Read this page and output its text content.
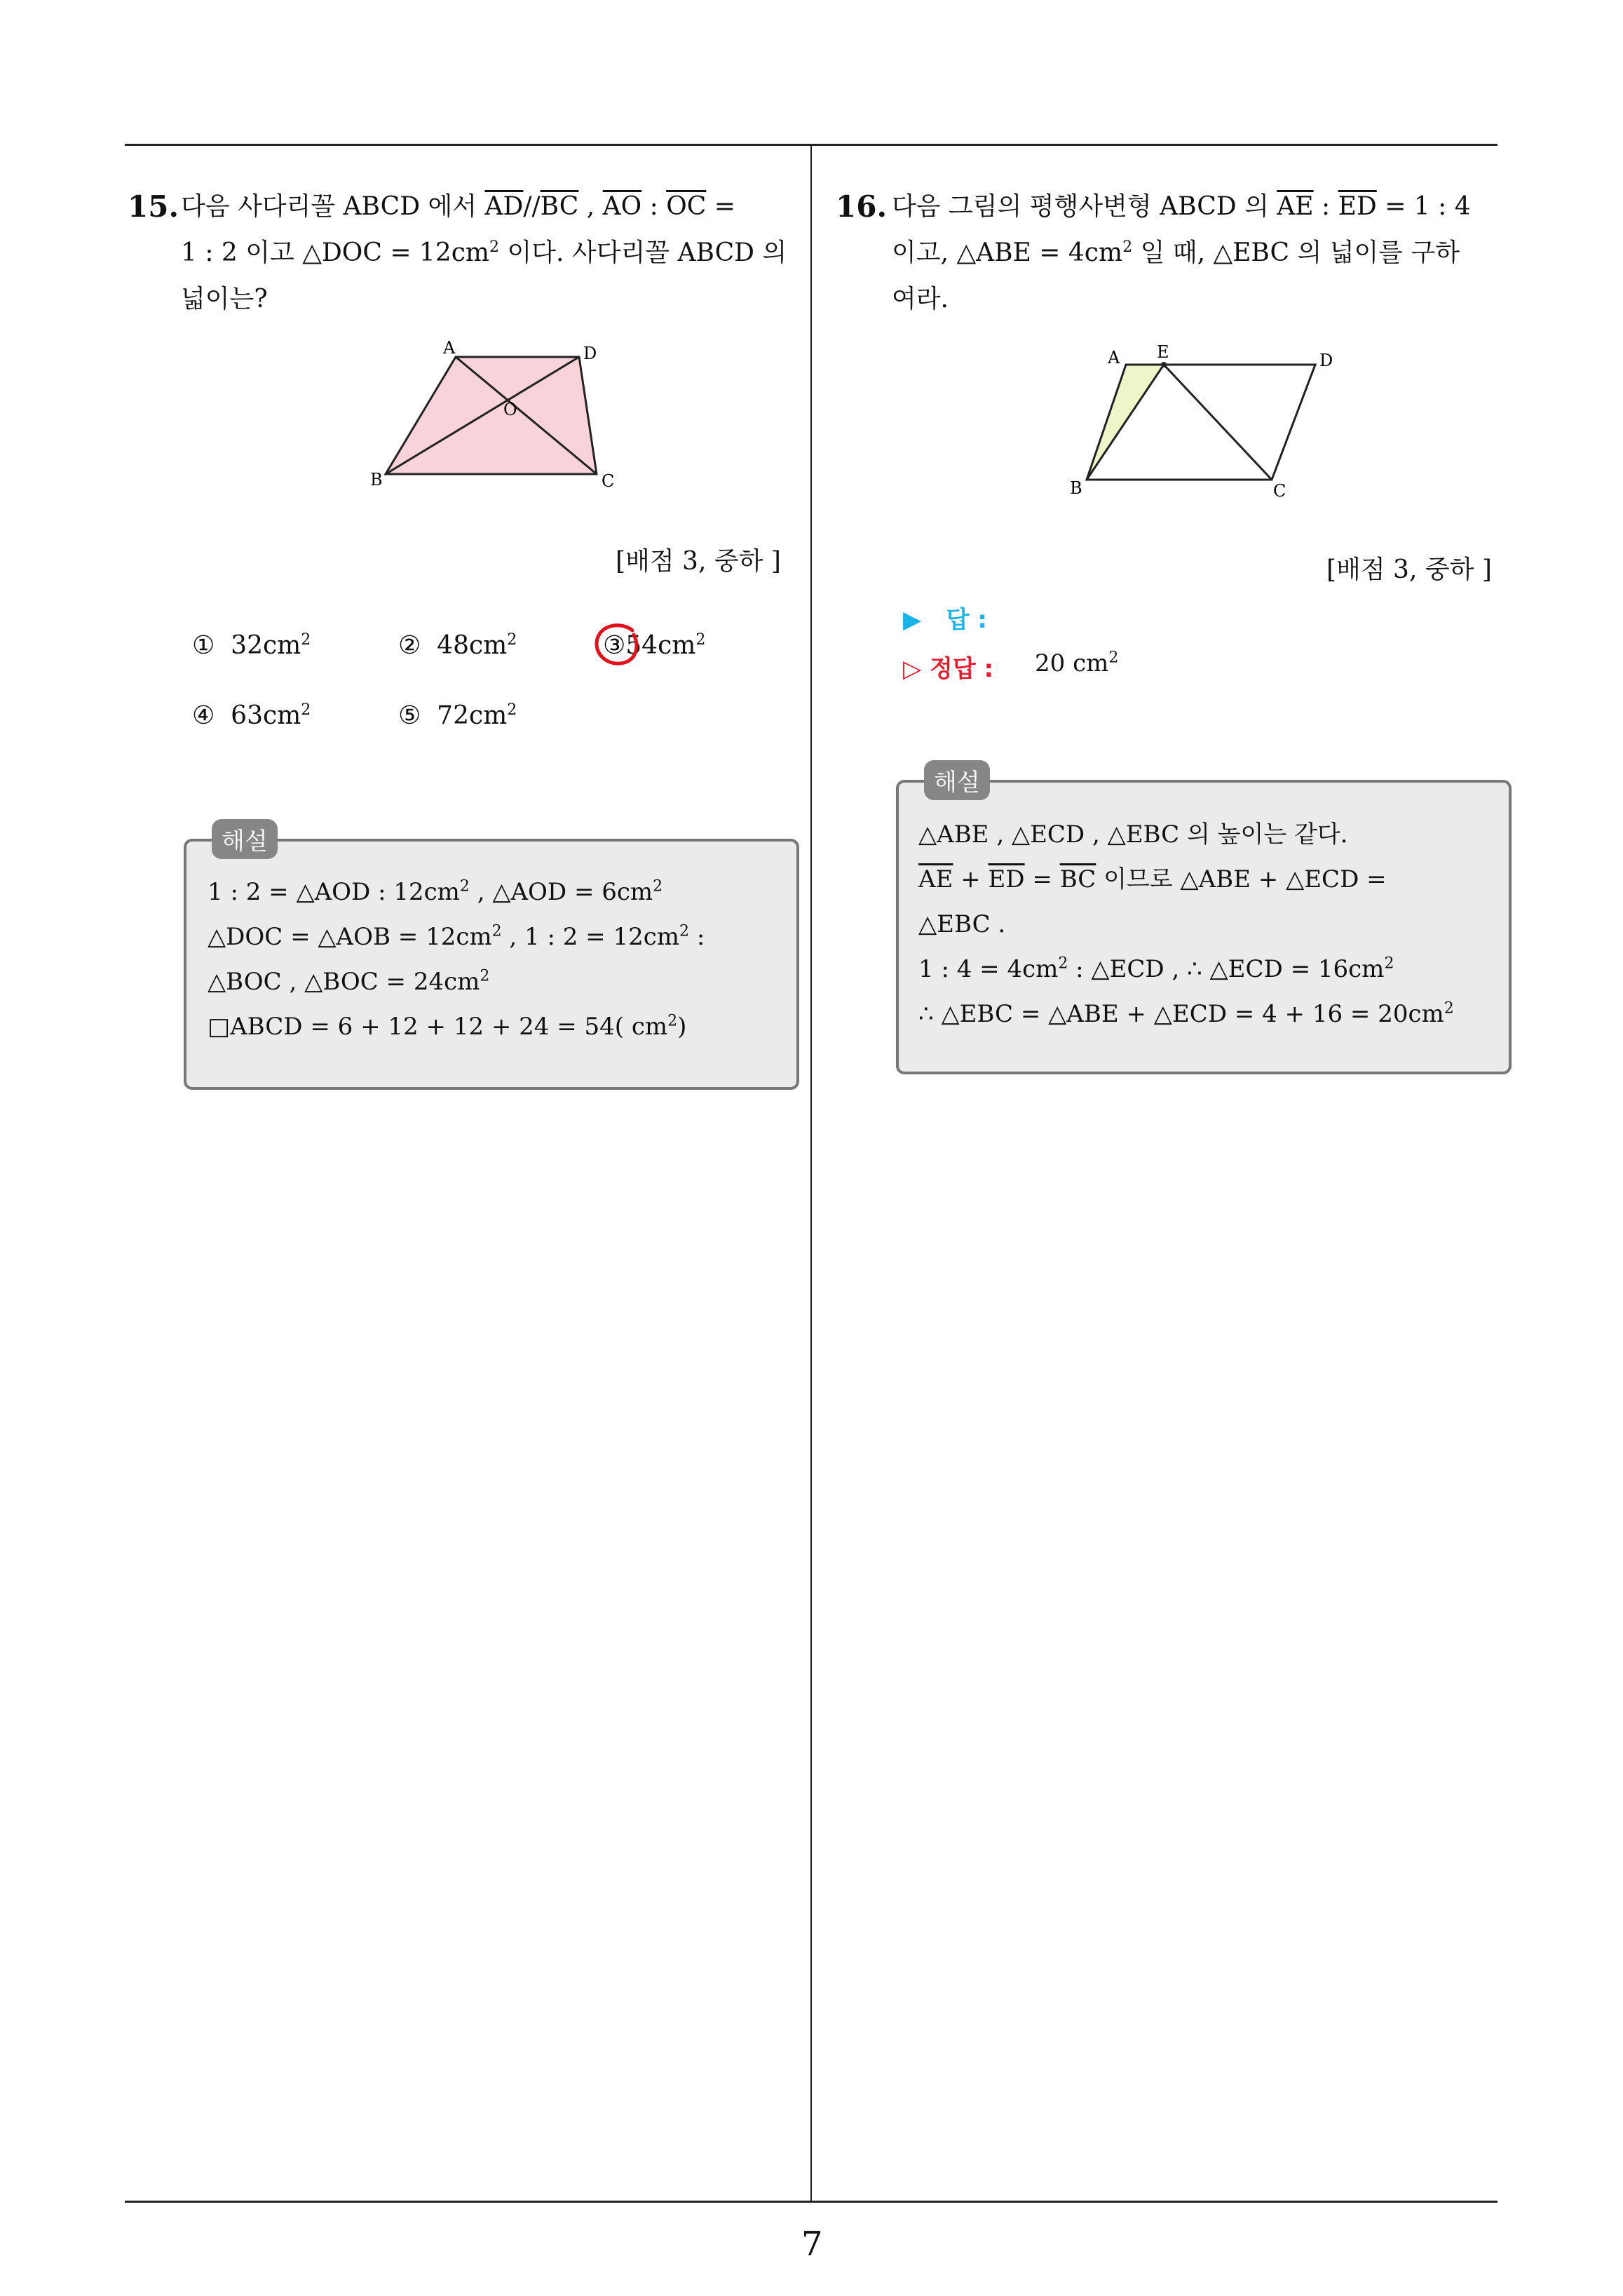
15. 다음 사다리꼴 ABCD 에서 $\overline{AD}//\overline{BC}$ , $\overline{AO}$ : $\overline{OC}$ =
1 : 2 이고 △DOC = $12cm^2$ 이다. 사다리꼴 ABCD 의
넓이는?
A	D
O
B	C
[배점 3, 중하 ]
① $32cm^2$	② $48cm^2$	$③54cm^2$
④ $63cm^2$	⑤ $72cm^2$
해설
1 : 2 = △AOD : $12cm^2$ , △AOD = $6cm^2$
△DOC = △AOB = $12cm^2$ , 1 : $2 = 12cm^2$ :
△BOC , △BOC = $24cm^2$
□ABCD = 6 + 12 + 12 + 24 = 54( $cm^2$)
16. 다음 그림의 평행사변형 ABCD 의 $\overline{AE}$ : $\overline{ED} = 1$ : 4
이고, △ABE = $4cm^2$ 일 때, △EBC 의 넓이를 구하
여라.
A E	D
B	C
[배점 3, 중하 ]
▶ 답 :
▷ 정답 : 20 $cm^2$
해설
△ABE , △ECD , △EBC 의 높이는 같다.
$\overline{AE} + \overline{ED} = \overline{BC}$ 이므로 △ABE + △ECD =
△EBC .
1 : $4 = 4cm^2$ : △ECD , ∴ △ECD = $16cm^2$
∴ △EBC = △ABE + △ECD = $4 + 16 = 20cm^2$
7
